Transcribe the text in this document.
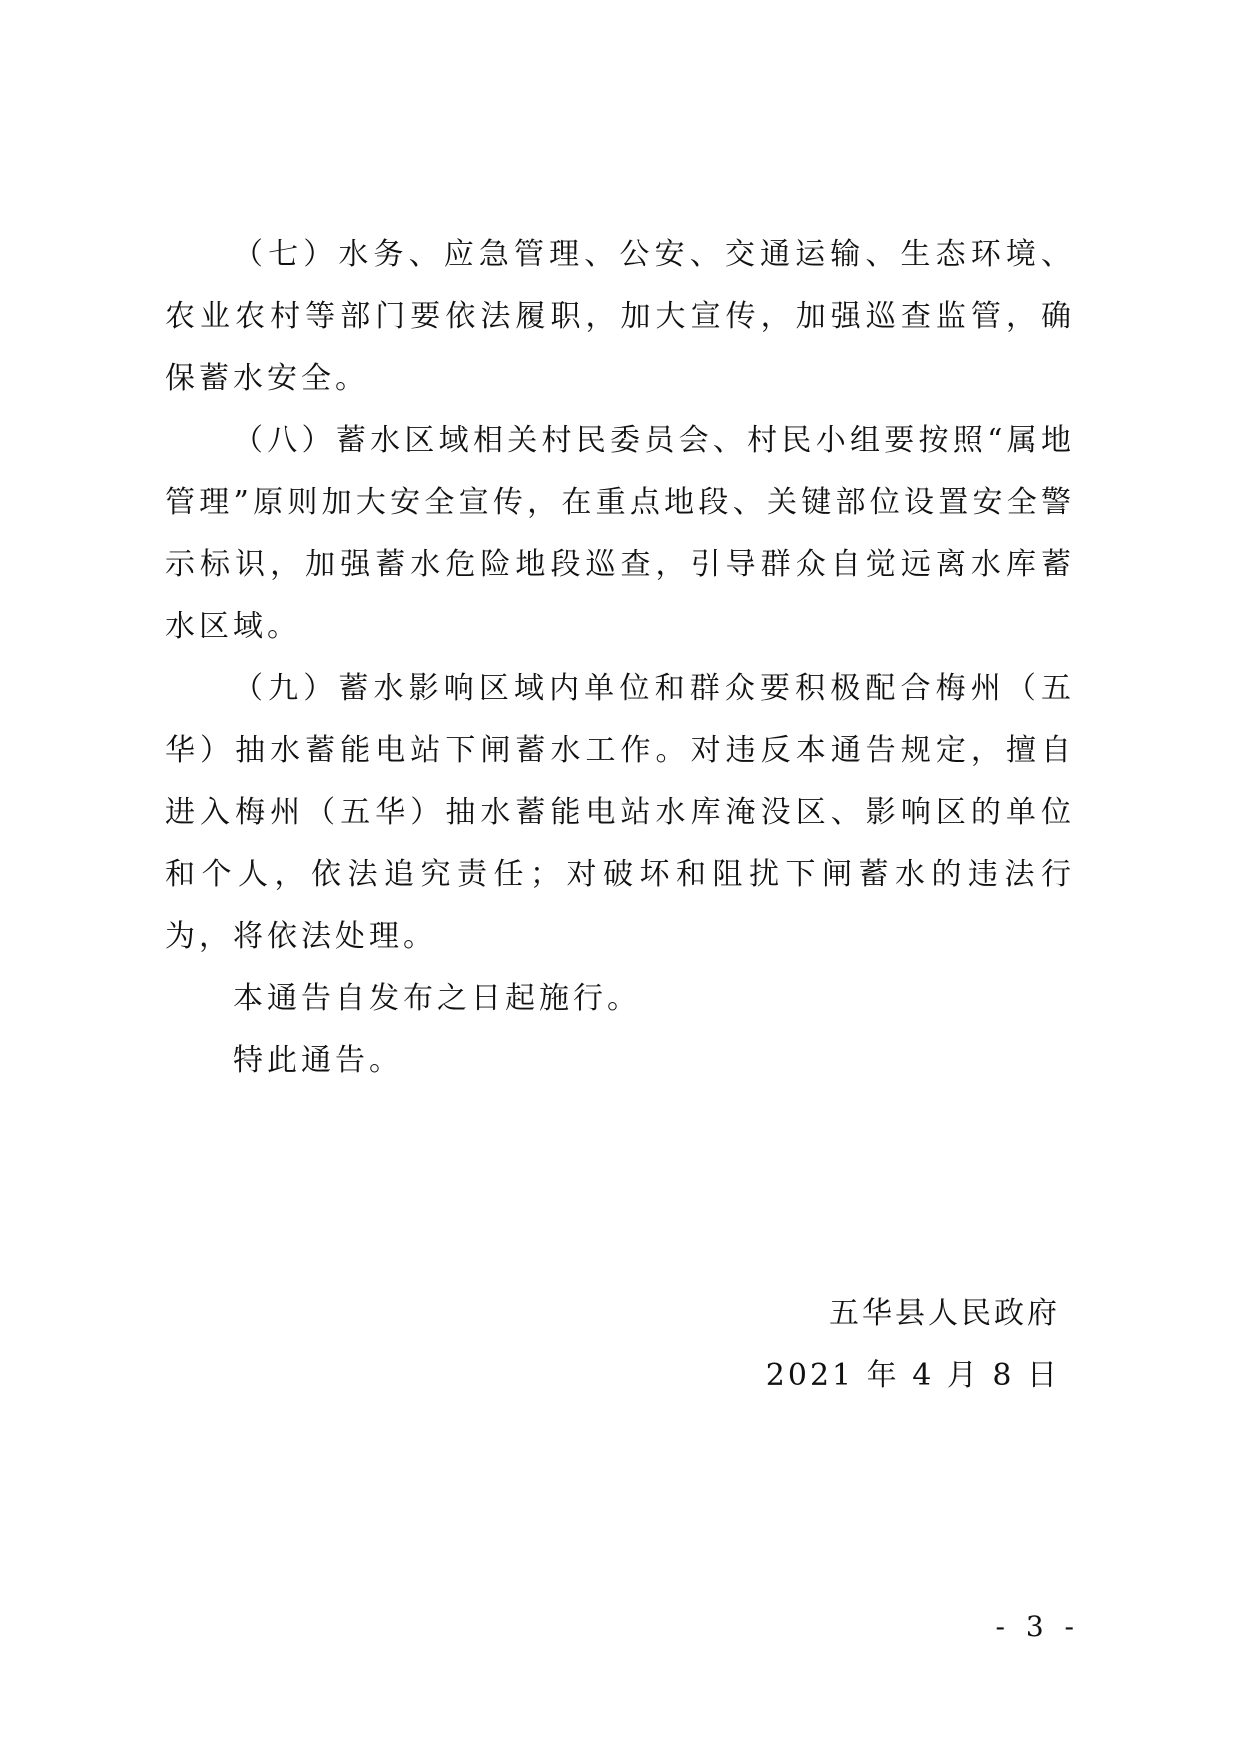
（七）水务、应急管理、公安、交通运输、生态环境、农业农村等部门要依法履职，加大宣传，加强巡查监管，确保蓄水安全。

（八）蓄水区域相关村民委员会、村民小组要按照“属地管理”原则加大安全宣传，在重点地段、关键部位设置安全警示标识，加强蓄水危险地段巡查，引导群众自觉远离水库蓄水区域。

（九）蓄水影响区域内单位和群众要积极配合梅州（五华）抽水蓄能电站下闸蓄水工作。对违反本通告规定，擅自进入梅州（五华）抽水蓄能电站水库淹没区、影响区的单位和个人，依法追究责任；对破坏和阻扰下闸蓄水的违法行为，将依法处理。

本通告自发布之日起施行。

特此通告。

五华县人民政府
2021 年 4 月 8 日
- 3 -
